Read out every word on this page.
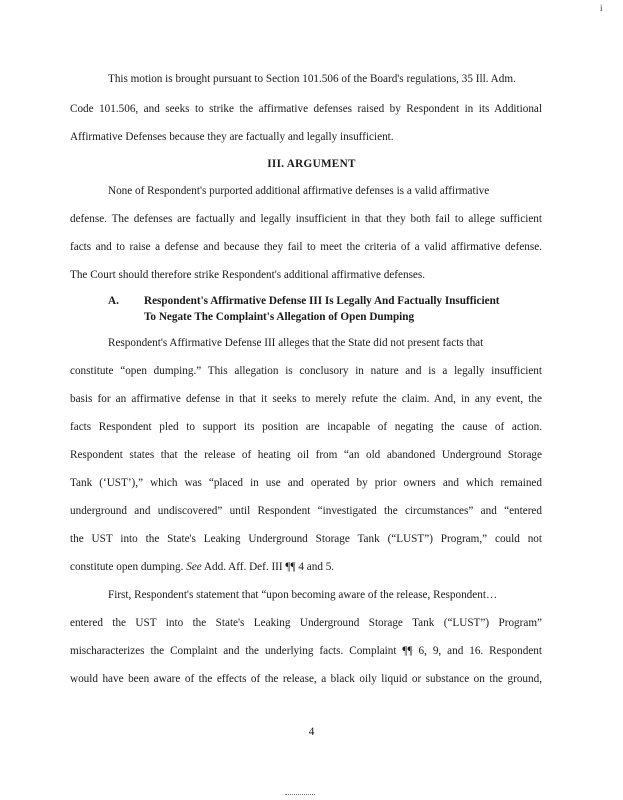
i
This motion is brought pursuant to Section 101.506 of the Board's regulations, 35 Ill. Adm.
Code 101.506, and seeks to strike the affirmative defenses raised by Respondent in its Additional
Affirmative Defenses because they are factually and legally insufficient.
III. ARGUMENT
None of Respondent's purported additional affirmative defenses is a valid affirmative
defense. The defenses are factually and legally insufficient in that they both fail to allege sufficient
facts and to raise a defense and because they fail to meet the criteria of a valid affirmative defense.
The Court should therefore strike Respondent's additional affirmative defenses.
A. Respondent's Affirmative Defense III Is Legally And Factually Insufficient
To Negate The Complaint's Allegation of Open Dumping
Respondent's Affirmative Defense III alleges that the State did not present facts that
constitute “open dumping.” This allegation is conclusory in nature and is a legally insufficient
basis for an affirmative defense in that it seeks to merely refute the claim. And, in any event, the
facts Respondent pled to support its position are incapable of negating the cause of action.
Respondent states that the release of heating oil from “an old abandoned Underground Storage
Tank (‘UST’),” which was “placed in use and operated by prior owners and which remained
underground and undiscovered” until Respondent “investigated the circumstances” and “entered
the UST into the State's Leaking Underground Storage Tank (“LUST”) Program,” could not
constitute open dumping. See Add. Aff. Def. III ¶¶ 4 and 5.
First, Respondent's statement that “upon becoming aware of the release, Respondent…
entered the UST into the State's Leaking Underground Storage Tank (“LUST”) Program”
mischaracterizes the Complaint and the underlying facts. Complaint ¶¶ 6, 9, and 16. Respondent
would have been aware of the effects of the release, a black oily liquid or substance on the ground,
4
